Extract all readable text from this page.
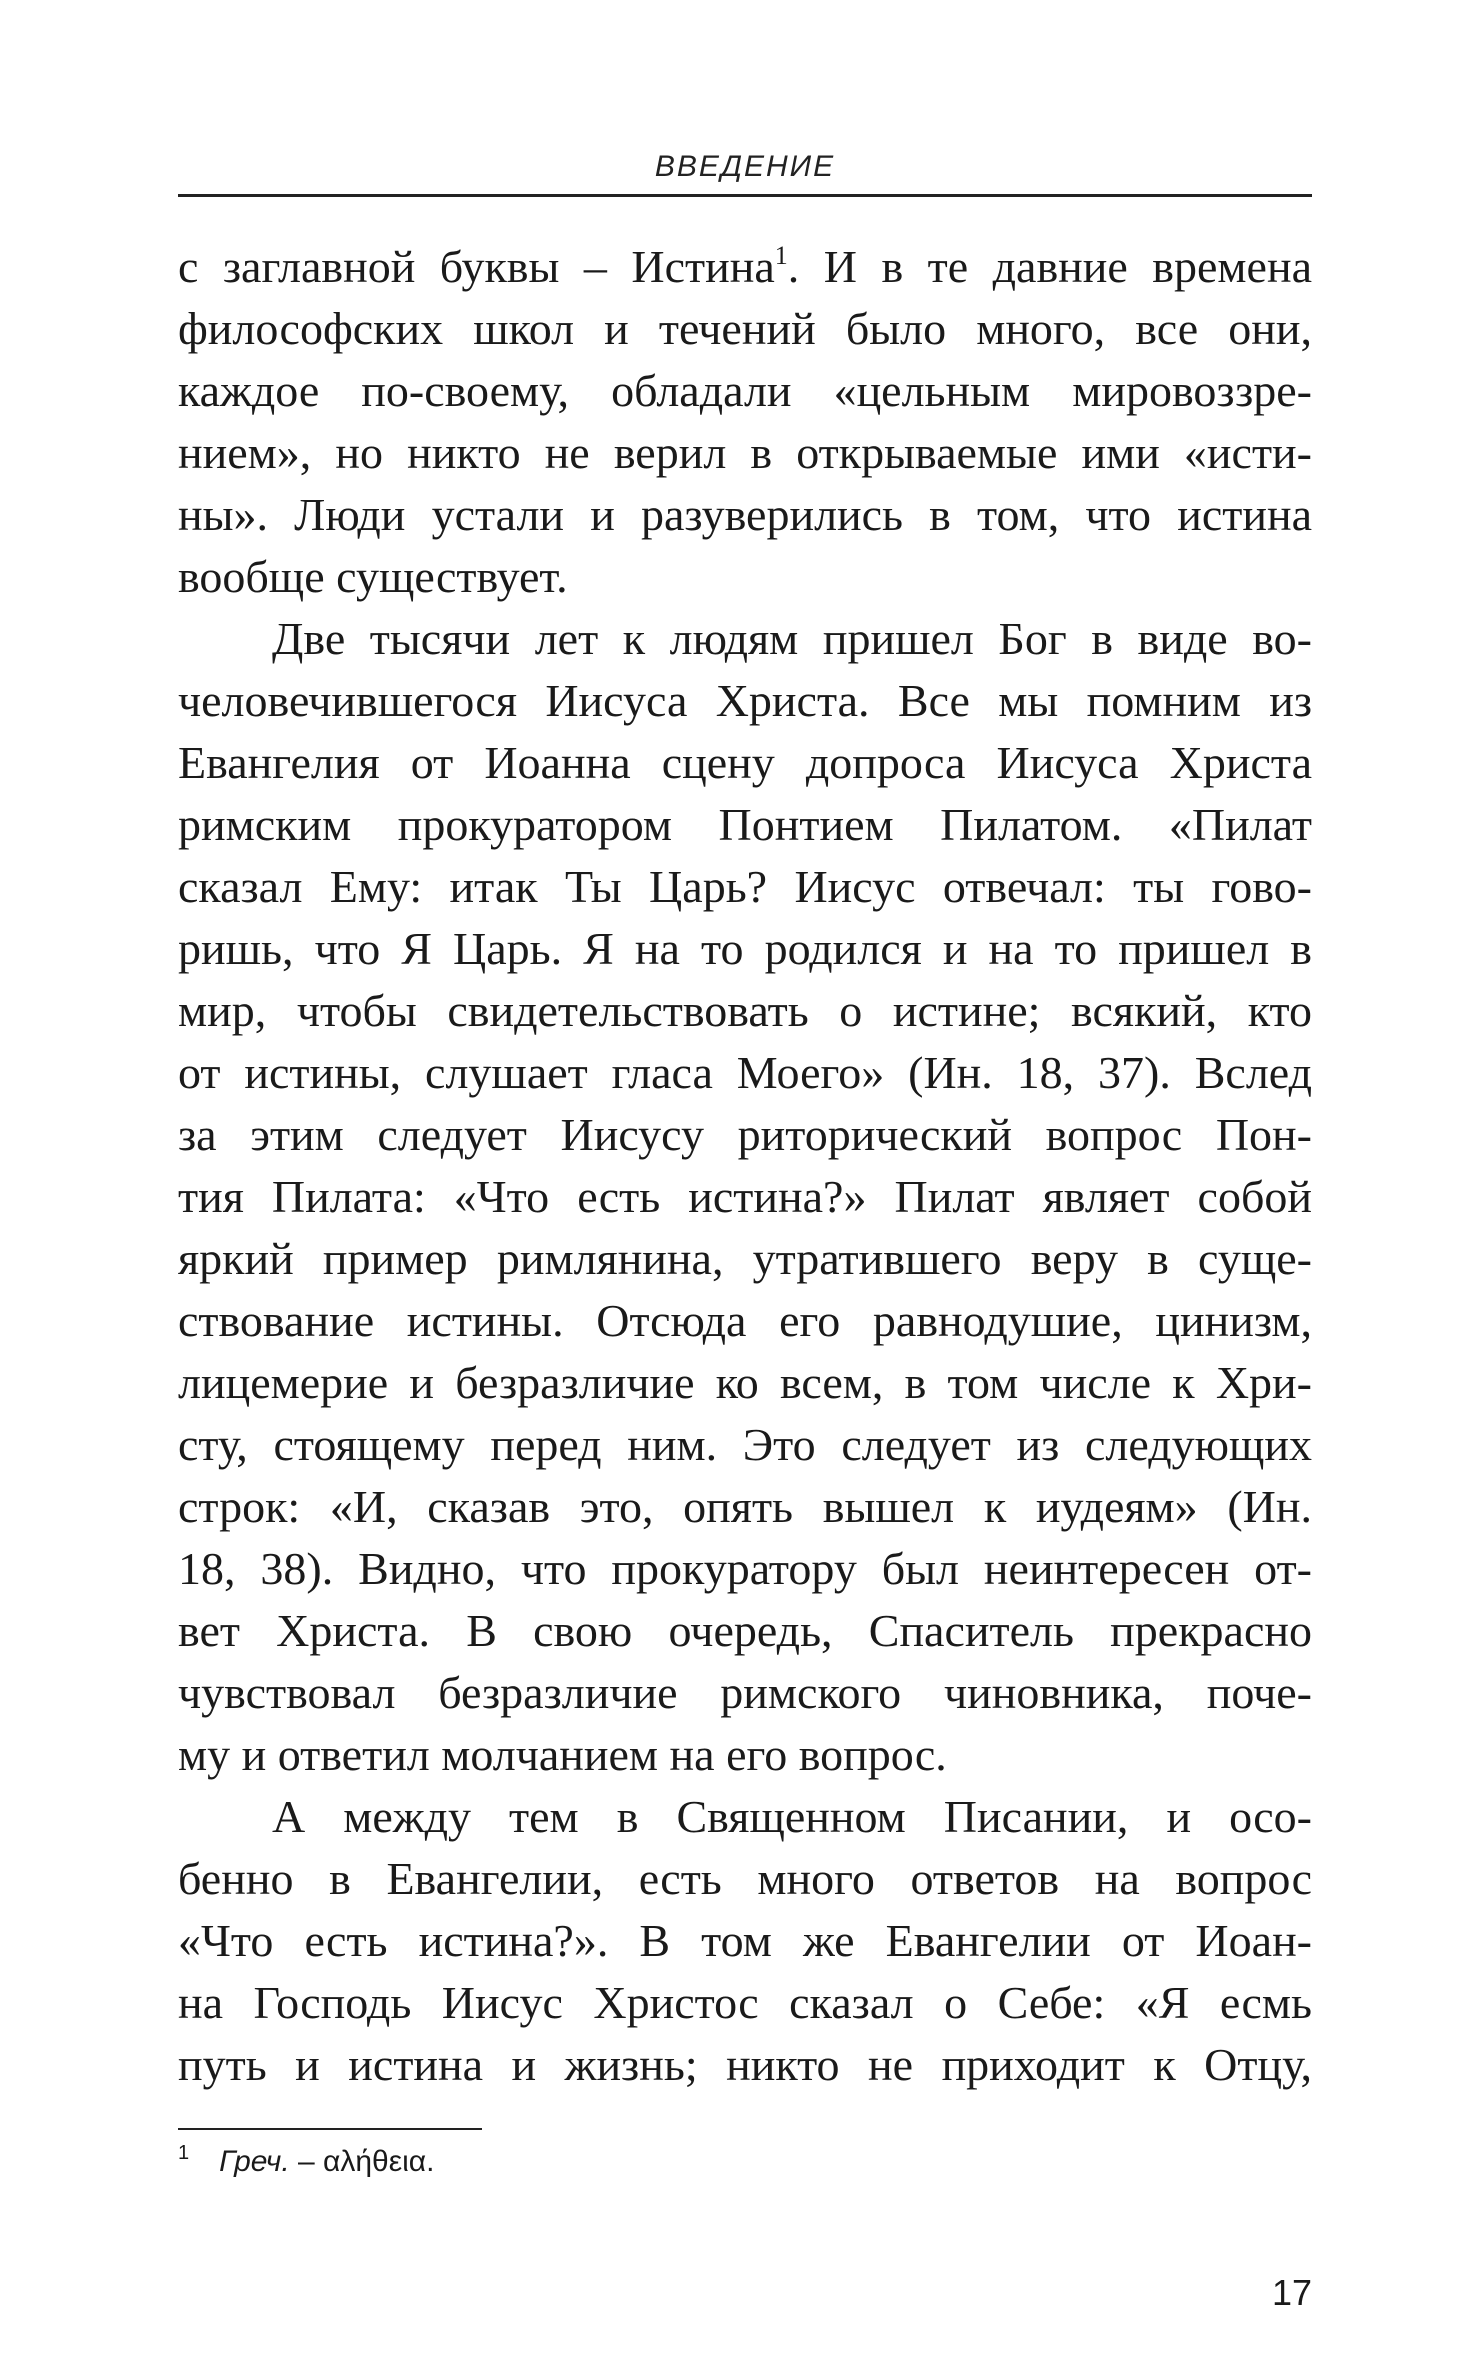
ВВЕДЕНИЕ
с заглавной буквы – Истина$^1$. И в те давние времена
философских школ и течений было много, все они,
каждое по-своему, обладали «цельным мировоззре-
нием», но никто не верил в открываемые ими «исти-
ны». Люди устали и разуверились в том, что истина
вообще существует.
Две тысячи лет к людям пришел Бог в виде во-
человечившегося Иисуса Христа. Все мы помним из
Евангелия от Иоанна сцену допроса Иисуса Христа
римским прокуратором Понтием Пилатом. «Пилат
сказал Ему: итак Ты Царь? Иисус отвечал: ты гово-
ришь, что Я Царь. Я на то родился и на то пришел в
мир, чтобы свидетельствовать о истине; всякий, кто
от истины, слушает гласа Моего» (Ин. 18, 37). Вслед
за этим следует Иисусу риторический вопрос Пон-
тия Пилата: «Что есть истина?» Пилат являет собой
яркий пример римлянина, утратившего веру в суще-
ствование истины. Отсюда его равнодушие, цинизм,
лицемерие и безразличие ко всем, в том числе к Хри-
сту, стоящему перед ним. Это следует из следующих
строк: «И, сказав это, опять вышел к иудеям» (Ин.
18, 38). Видно, что прокуратору был неинтересен от-
вет Христа. В свою очередь, Спаситель прекрасно
чувствовал безразличие римского чиновника, поче-
му и ответил молчанием на его вопрос.
А между тем в Священном Писании, и осо-
бенно в Евангелии, есть много ответов на вопрос
«Что есть истина?». В том же Евангелии от Иоан-
на Господь Иисус Христос сказал о Себе: «Я есмь
путь и истина и жизнь; никто не приходит к Отцу,
$^1$ Греч. – αλήθεια.
17
